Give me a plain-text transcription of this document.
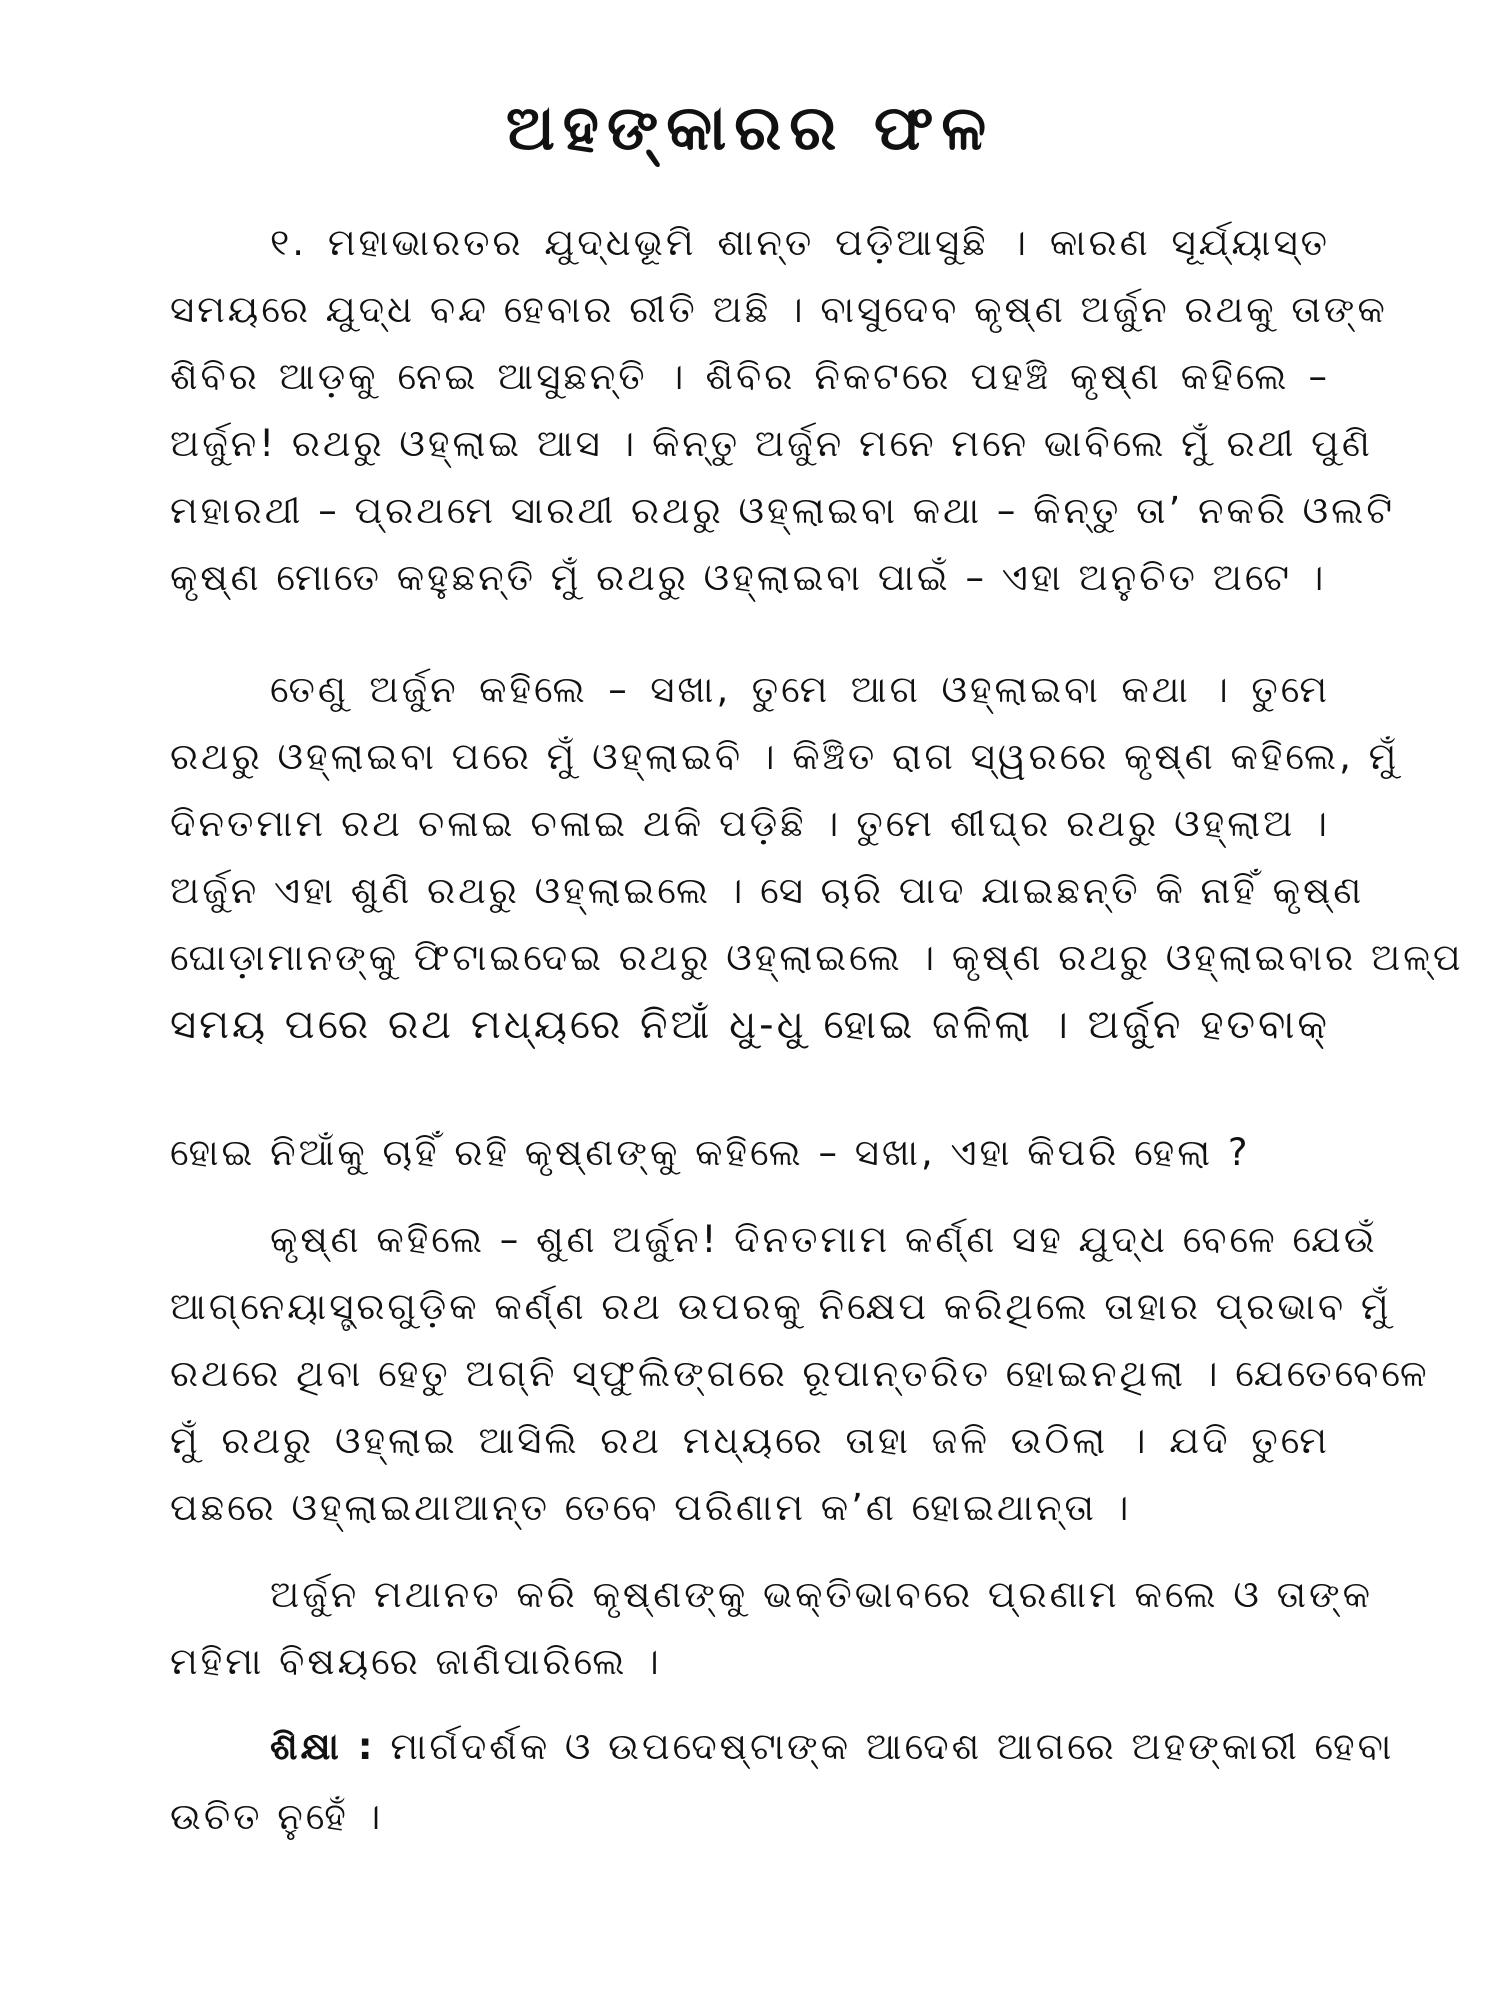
ଅହଙ୍କାରର ଫଳ
୧. ମହାଭାରତର ଯୁଦ୍ଧଭୂମି ଶାନ୍ତ ପଡ଼ିଆସୁଛି । କାରଣ ସୂର୍ଯ୍ୟାସ୍ତ
ସମୟରେ ଯୁଦ୍ଧ ବନ୍ଦ ହେବାର ରୀତି ଅଛି । ବାସୁଦେବ କୃଷ୍ଣ ଅର୍ଜୁନ ରଥକୁ ତାଙ୍କ
ଶିବିର ଆଡ଼କୁ ନେଇ ଆସୁଛନ୍ତି । ଶିବିର ନିକଟରେ ପହଞ୍ଚି କୃଷ୍ଣ କହିଲେ –
ଅର୍ଜୁନ! ରଥରୁ ଓହ୍ଲାଇ ଆସ । କିନ୍ତୁ ଅର୍ଜୁନ ମନେ ମନେ ଭାବିଲେ ମୁଁ ରଥୀ ପୁଣି
ମହାରଥୀ – ପ୍ରଥମେ ସାରଥୀ ରଥରୁ ଓହ୍ଲାଇବା କଥା – କିନ୍ତୁ ତା’ ନକରି ଓଲଟି
କୃଷ୍ଣ ମୋତେ କହୁଛନ୍ତି ମୁଁ ରଥରୁ ଓହ୍ଲାଇବା ପାଇଁ – ଏହା ଅନୁଚିତ ଅଟେ ।
ତେଣୁ ଅର୍ଜୁନ କହିଲେ – ସଖା, ତୁମେ ଆଗ ଓହ୍ଲାଇବା କଥା । ତୁମେ
ରଥରୁ ଓହ୍ଲାଇବା ପରେ ମୁଁ ଓହ୍ଲାଇବି । କିଞ୍ଚିତ ରାଗ ସ୍ୱରରେ କୃଷ୍ଣ କହିଲେ, ମୁଁ
ଦିନତମାମ ରଥ ଚଳାଇ ଚଳାଇ ଥକି ପଡ଼ିଛି । ତୁମେ ଶୀଘ୍ର ରଥରୁ ଓହ୍ଲାଅ ।
ଅର୍ଜୁନ ଏହା ଶୁଣି ରଥରୁ ଓହ୍ଲାଇଲେ । ସେ ଚାରି ପାଦ ଯାଇଛନ୍ତି କି ନାହିଁ କୃଷ୍ଣ
ଘୋଡ଼ାମାନଙ୍କୁ ଫିଟାଇଦେଇ ରଥରୁ ଓହ୍ଲାଇଲେ । କୃଷ୍ଣ ରଥରୁ ଓହ୍ଲାଇବାର ଅଳ୍ପ
ସମୟ ପରେ ରଥ ମଧ୍ୟରେ ନିଆଁ ଧୁ-ଧୁ ହୋଇ ଜଳିଲା । ଅର୍ଜୁନ ହତବାକ୍
ହୋଇ ନିଆଁକୁ ଚାହିଁ ରହି କୃଷ୍ଣଙ୍କୁ କହିଲେ – ସଖା, ଏହା କିପରି ହେଲା ?
କୃଷ୍ଣ କହିଲେ – ଶୁଣ ଅର୍ଜୁନ! ଦିନତମାମ କର୍ଣ୍ଣ ସହ ଯୁଦ୍ଧ ବେଳେ ଯେଉଁ
ଆଗ୍ନେୟାସ୍ତ୍ରଗୁଡ଼ିକ କର୍ଣ୍ଣ ରଥ ଉପରକୁ ନିକ୍ଷେପ କରିଥିଲେ ତାହାର ପ୍ରଭାବ ମୁଁ
ରଥରେ ଥିବା ହେତୁ ଅଗ୍ନି ସ୍ଫୁଲିଙ୍ଗରେ ରୂପାନ୍ତରିତ ହୋଇନଥିଲା । ଯେତେବେଳେ
ମୁଁ ରଥରୁ ଓହ୍ଲାଇ ଆସିଲି ରଥ ମଧ୍ୟରେ ତାହା ଜଳି ଉଠିଲା । ଯଦି ତୁମେ
ପଛରେ ଓହ୍ଲାଇଥାଆନ୍ତ ତେବେ ପରିଣାମ କ’ଣ ହୋଇଥାନ୍ତା ।
ଅର୍ଜୁନ ମଥାନତ କରି କୃଷ୍ଣଙ୍କୁ ଭକ୍ତିଭାବରେ ପ୍ରଣାମ କଲେ ଓ ତାଙ୍କ
ମହିମା ବିଷୟରେ ଜାଣିପାରିଲେ ।
ଶିକ୍ଷା : ମାର୍ଗଦର୍ଶକ ଓ ଉପଦେଷ୍ଟାଙ୍କ ଆଦେଶ ଆଗରେ ଅହଙ୍କାରୀ ହେବା
ଉଚିତ ନୁହେଁ ।
